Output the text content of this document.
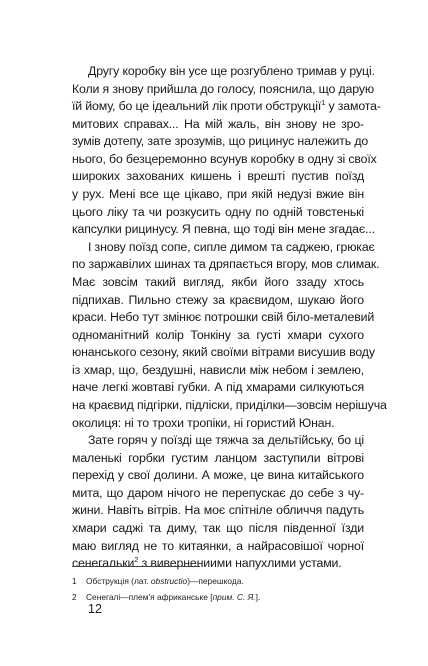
Другу коробку він усе ще розгублено тримав у руці.
Коли я знову прийшла до голосу, пояснила, що дарую
їй йому, бо це ідеальний лік проти обструкції$^1$ у замота-
митових справах... На мій жаль, він знову не зро-
зумів дотепу, зате зрозумів, що рицинус належить до
нього, бо безцеремонно всунув коробку в одну зі своїх
широких захованих кишень і врешті пустив поїзд
у рух. Мені все ще цікаво, при якій недузі вжие він
цього ліку та чи розкусить одну по одній товстенькі
капсулки рицинусу. Я певна, що тоді він мене згадає...

І знову поїзд сопе, сипле димом та саджею, грюкає
по заржавілих шинах та дряпається вгору, мов слимак.
Має зовсім такий вигляд, якби його ззаду хтось
підпихав. Пильно стежу за краєвидом, шукаю його
краси. Небо тут змінює потрошки свій біло-металевий
одноманітний колір Тонкіну за густі хмари сухого
юнанського сезону, який своїми вітрами висушив воду
із хмар, що, бездушні, нависли між небом і землею,
наче легкі жовтаві губки. А під хмарами силкуються
на краєвид підгірки, підліски, приділки—зовсім нерішуча
околиця: ні то трохи тропіки, ні гористий Юнан.

Зате горяч у поїзді ще тяжча за дельтійську, бо ці
маленькі горбки густим ланцом заступили вітрові
перехід у свої долини. А може, це вина китайського
мита, що даром нічого не перепускає до себе з чу-
жини. Навіть вітрів. На моє спітніле обличчя падуть
хмари саджі та диму, так що після південної їзди
маю вигляд не то китаянки, а найрасовішої чорної
сенегальки$^2$ з вивернениими напухлими устами.

1	Обструкція (лат. obstructio)—перешкода.
2	Сенегалі—плем'я африканське [прим. С. Я.].
12
